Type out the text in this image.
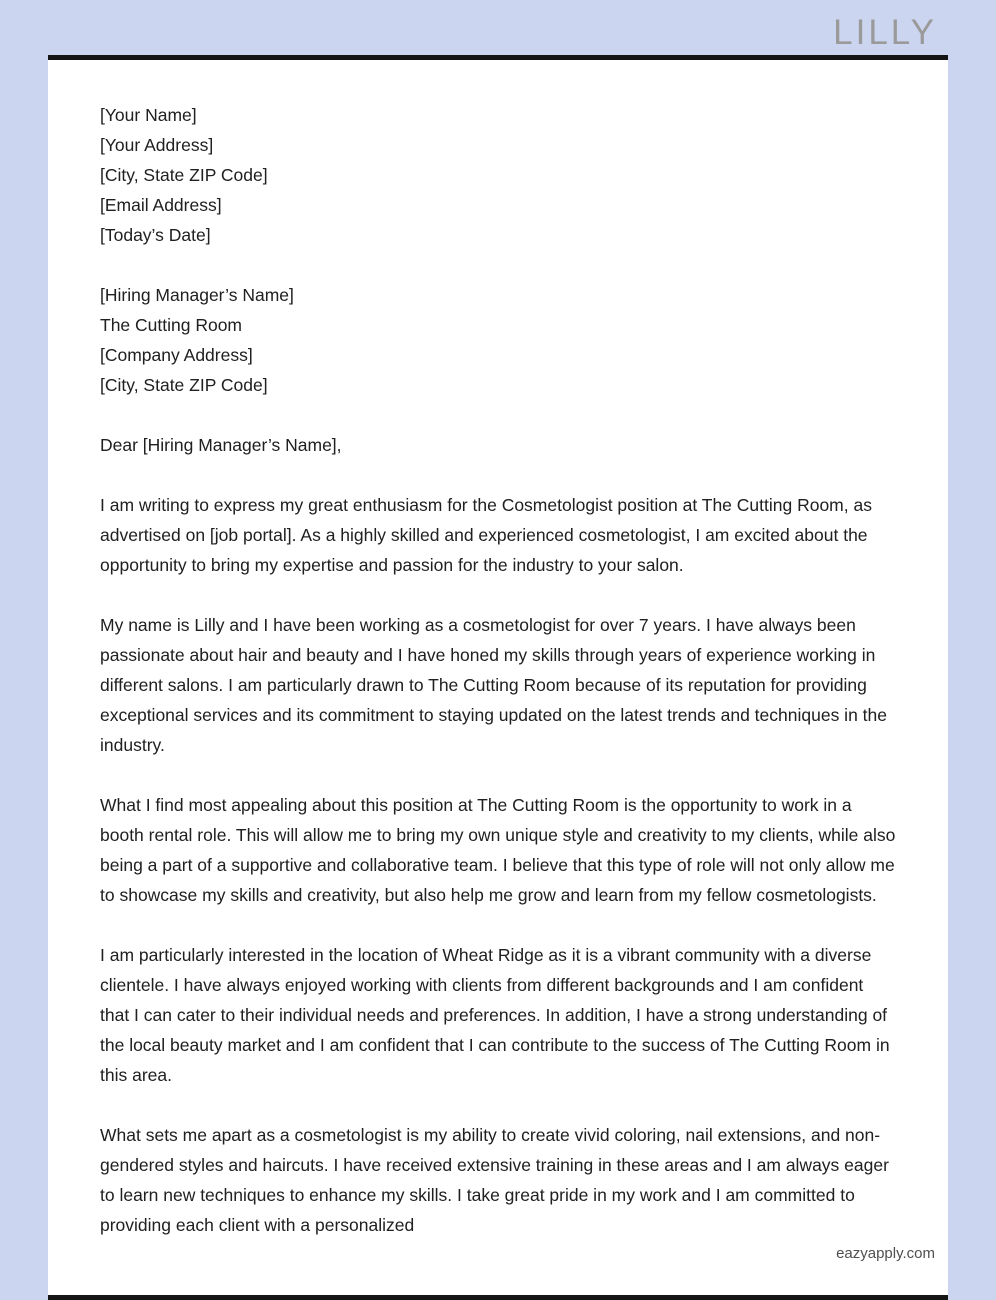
LILLY
[Your Name]
[Your Address]
[City, State ZIP Code]
[Email Address]
[Today’s Date]
[Hiring Manager’s Name]
The Cutting Room
[Company Address]
[City, State ZIP Code]
Dear [Hiring Manager’s Name],

I am writing to express my great enthusiasm for the Cosmetologist position at The Cutting Room, as advertised on [job portal]. As a highly skilled and experienced cosmetologist, I am excited about the opportunity to bring my expertise and passion for the industry to your salon.

My name is Lilly and I have been working as a cosmetologist for over 7 years. I have always been passionate about hair and beauty and I have honed my skills through years of experience working in different salons. I am particularly drawn to The Cutting Room because of its reputation for providing exceptional services and its commitment to staying updated on the latest trends and techniques in the industry.

What I find most appealing about this position at The Cutting Room is the opportunity to work in a booth rental role. This will allow me to bring my own unique style and creativity to my clients, while also being a part of a supportive and collaborative team. I believe that this type of role will not only allow me to showcase my skills and creativity, but also help me grow and learn from my fellow cosmetologists.

I am particularly interested in the location of Wheat Ridge as it is a vibrant community with a diverse clientele. I have always enjoyed working with clients from different backgrounds and I am confident that I can cater to their individual needs and preferences. In addition, I have a strong understanding of the local beauty market and I am confident that I can contribute to the success of The Cutting Room in this area.

What sets me apart as a cosmetologist is my ability to create vivid coloring, nail extensions, and non-gendered styles and haircuts. I have received extensive training in these areas and I am always eager to learn new techniques to enhance my skills. I take great pride in my work and I am committed to providing each client with a personalized

eazyapply.com
